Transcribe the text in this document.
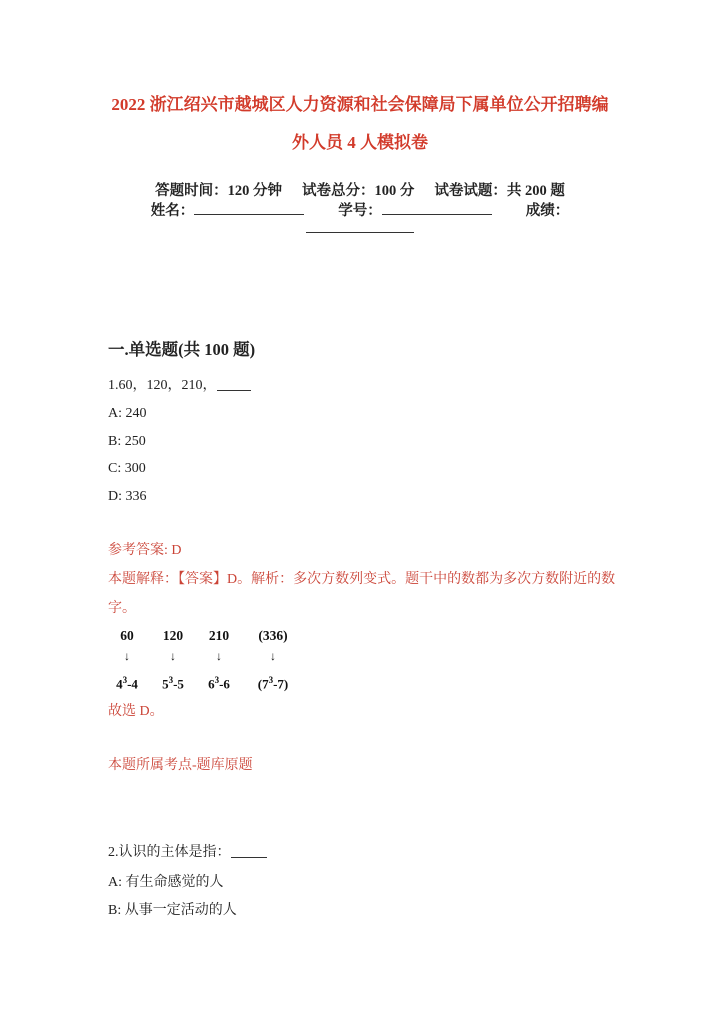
2022 浙江绍兴市越城区人力资源和社会保障局下属单位公开招聘编
外人员 4 人模拟卷
答题时间：120 分钟 试卷总分：100 分 试卷试题：共 200 题
姓名：	学号：	成绩：
一.单选题(共 100 题)
1.60，120，210，
A: 240
B: 250
C: 300
D: 336
参考答案: D
本题解释：【答案】D。解析：多次方数列变式。题干中的数都为多次方数附近的数字。
60
↓
$4^3-4$
120
↓
$5^3-5$
210
↓
$6^3-6$
(336)
↓
$(7^3-7)$
故选 D。
本题所属考点-题库原题
2.认识的主体是指：
A: 有生命感觉的人
B: 从事一定活动的人
